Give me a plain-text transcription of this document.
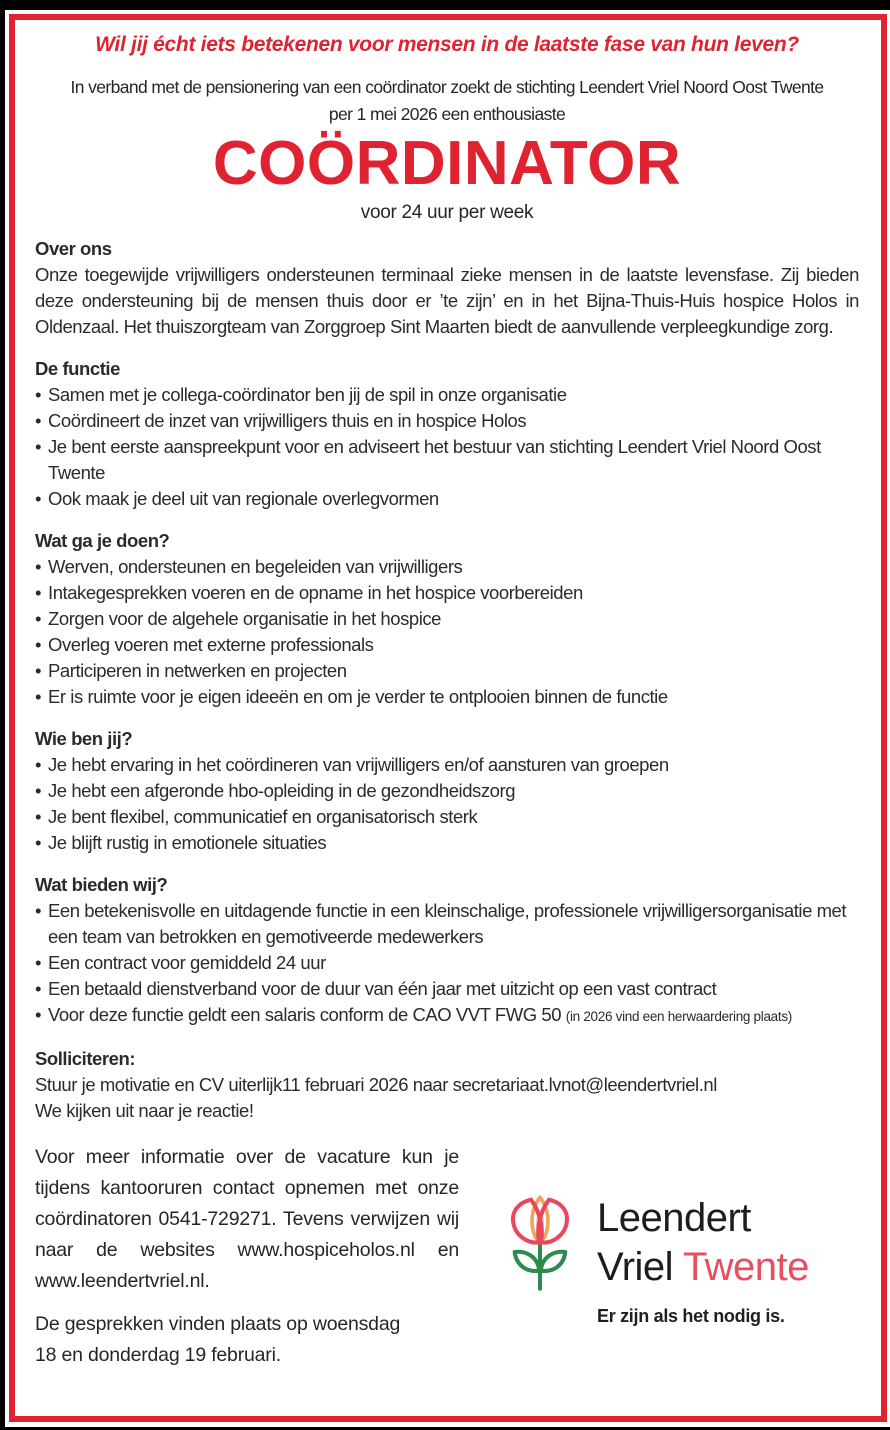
Wil jij écht iets betekenen voor mensen in de laatste fase van hun leven?
In verband met de pensionering van een coördinator zoekt de stichting Leendert Vriel Noord Oost Twente
per 1 mei 2026 een enthousiaste
COÖRDINATOR
voor 24 uur per week
Over ons
Onze toegewijde vrijwilligers ondersteunen terminaal zieke mensen in de laatste levensfase. Zij bieden deze ondersteuning bij de mensen thuis door er ’te zijn’ en in het Bijna-Thuis-Huis hospice Holos in Oldenzaal. Het thuiszorgteam van Zorggroep Sint Maarten biedt de aanvullende verpleegkundige zorg.
De functie
• Samen met je collega-coördinator ben jij de spil in onze organisatie
• Coördineert de inzet van vrijwilligers thuis en in hospice Holos
• Je bent eerste aanspreekpunt voor en adviseert het bestuur van stichting Leendert Vriel Noord Oost Twente
• Ook maak je deel uit van regionale overlegvormen
Wat ga je doen?
• Werven, ondersteunen en begeleiden van vrijwilligers
• Intakegesprekken voeren en de opname in het hospice voorbereiden
• Zorgen voor de algehele organisatie in het hospice
• Overleg voeren met externe professionals
• Participeren in netwerken en projecten
• Er is ruimte voor je eigen ideeën en om je verder te ontplooien binnen de functie
Wie ben jij?
• Je hebt ervaring in het coördineren van vrijwilligers en/of aansturen van groepen
• Je hebt een afgeronde hbo-opleiding in de gezondheidszorg
• Je bent flexibel, communicatief en organisatorisch sterk
• Je blijft rustig in emotionele situaties
Wat bieden wij?
• Een betekenisvolle en uitdagende functie in een kleinschalige, professionele vrijwilligersorganisatie met een team van betrokken en gemotiveerde medewerkers
• Een contract voor gemiddeld 24 uur
• Een betaald dienstverband voor de duur van één jaar met uitzicht op een vast contract
• Voor deze functie geldt een salaris conform de CAO VVT FWG 50 (in 2026 vind een herwaardering plaats)
Solliciteren:
Stuur je motivatie en CV uiterlijk11 februari 2026 naar secretariaat.lvnot@leendertvriel.nl
We kijken uit naar je reactie!
Voor meer informatie over de vacature kun je tijdens kantooruren contact opnemen met onze coördinatoren 0541-729271. Tevens verwijzen wij naar de websites www.hospiceholos.nl en www.leendertvriel.nl.
De gesprekken vinden plaats op woensdag
18 en donderdag 19 februari.
Leendert
Vriel Twente
Er zijn als het nodig is.
